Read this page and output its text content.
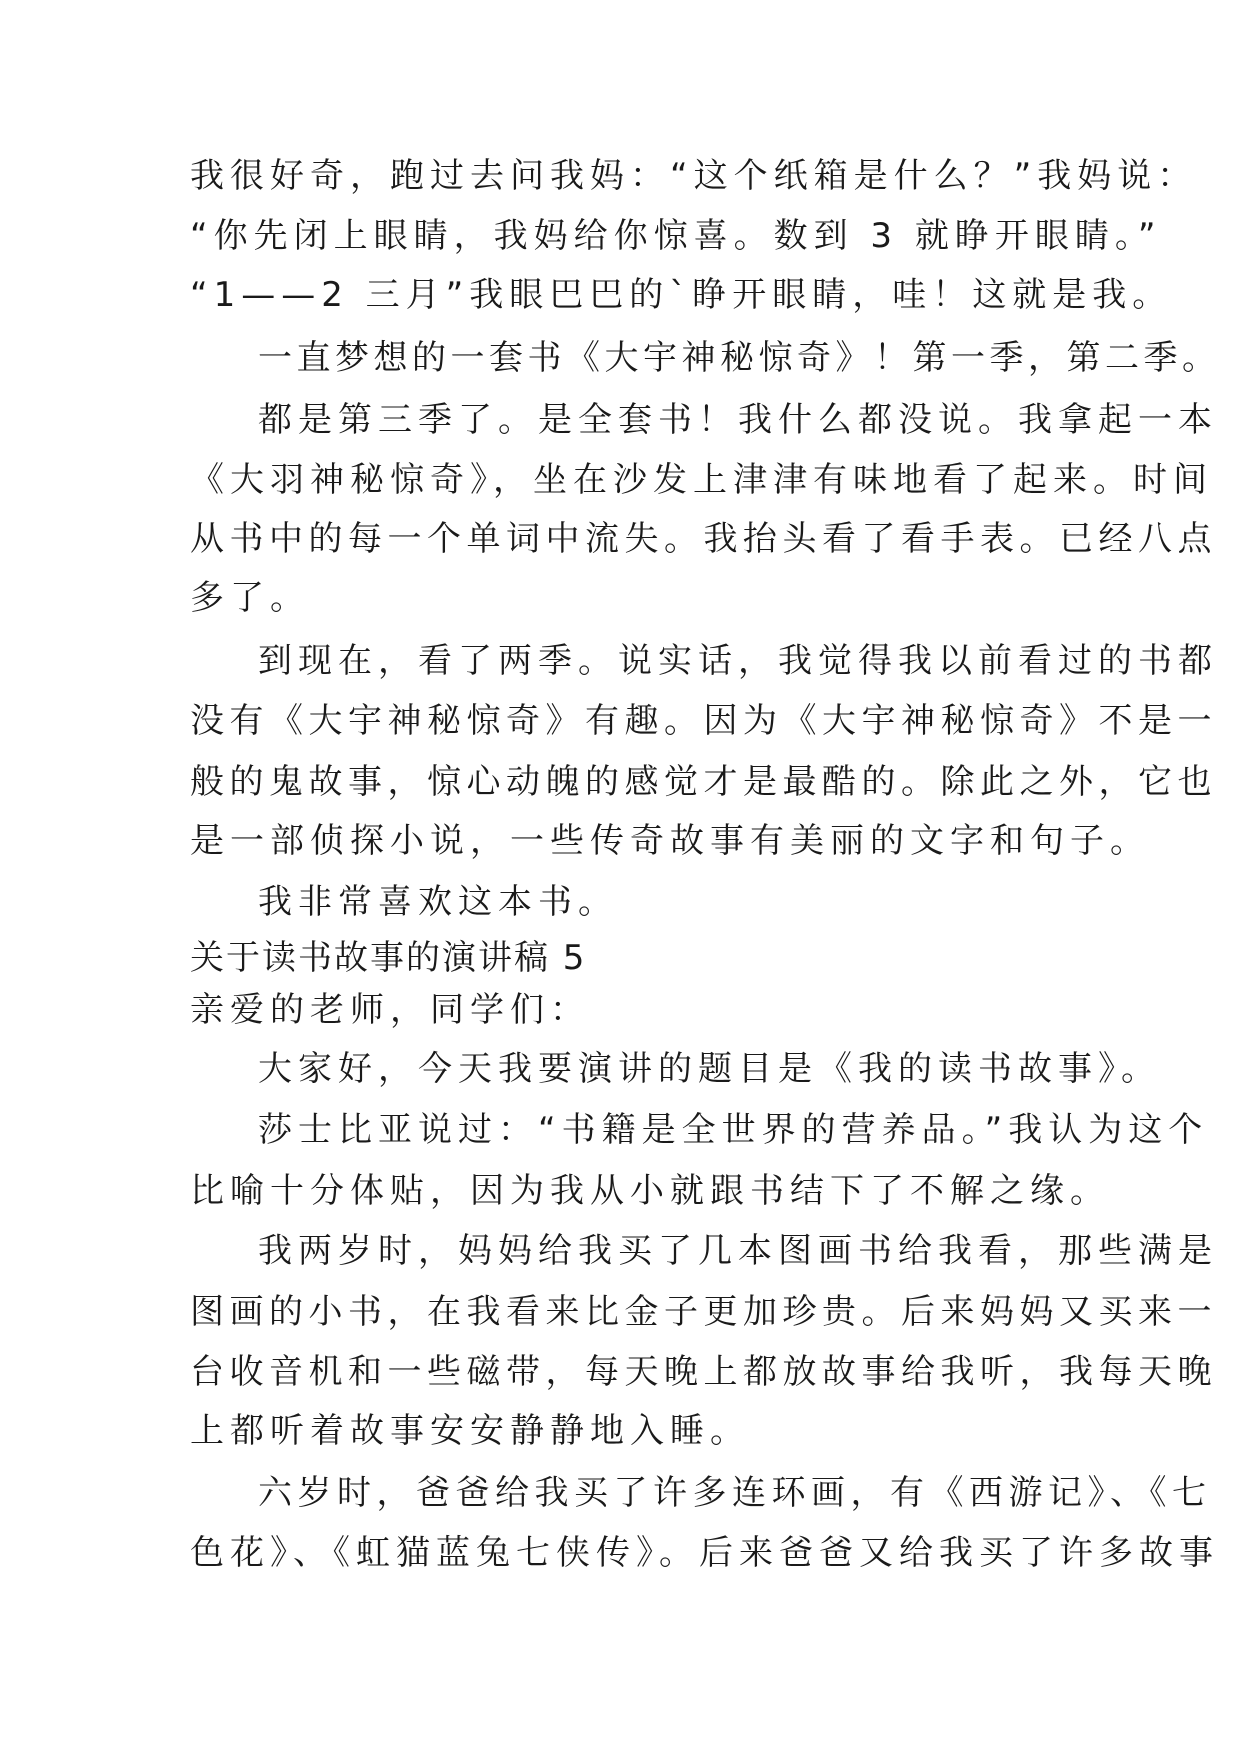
我很好奇，跑过去问我妈：“这个纸箱是什么？”我妈说：

“你先闭上眼睛，我妈给你惊喜。数到 3 就睁开眼睛。”

“1——2 三月”我眼巴巴的`睁开眼睛，哇！这就是我。

一直梦想的一套书《大宇神秘惊奇》！第一季，第二季。

都是第三季了。是全套书！我什么都没说。我拿起一本

《大羽神秘惊奇》，坐在沙发上津津有味地看了起来。时间

从书中的每一个单词中流失。我抬头看了看手表。已经八点

多了。

到现在，看了两季。说实话，我觉得我以前看过的书都

没有《大宇神秘惊奇》有趣。因为《大宇神秘惊奇》不是一

般的鬼故事，惊心动魄的感觉才是最酷的。除此之外，它也

是一部侦探小说，一些传奇故事有美丽的文字和句子。

我非常喜欢这本书。

关于读书故事的演讲稿 5

亲爱的老师，同学们：

大家好，今天我要演讲的题目是《我的读书故事》。

莎士比亚说过：“书籍是全世界的营养品。”我认为这个

比喻十分体贴，因为我从小就跟书结下了不解之缘。

我两岁时，妈妈给我买了几本图画书给我看，那些满是

图画的小书，在我看来比金子更加珍贵。后来妈妈又买来一

台收音机和一些磁带，每天晚上都放故事给我听，我每天晚

上都听着故事安安静静地入睡。

六岁时，爸爸给我买了许多连环画，有《西游记》、《七

色花》、《虹猫蓝兔七侠传》。后来爸爸又给我买了许多故事
